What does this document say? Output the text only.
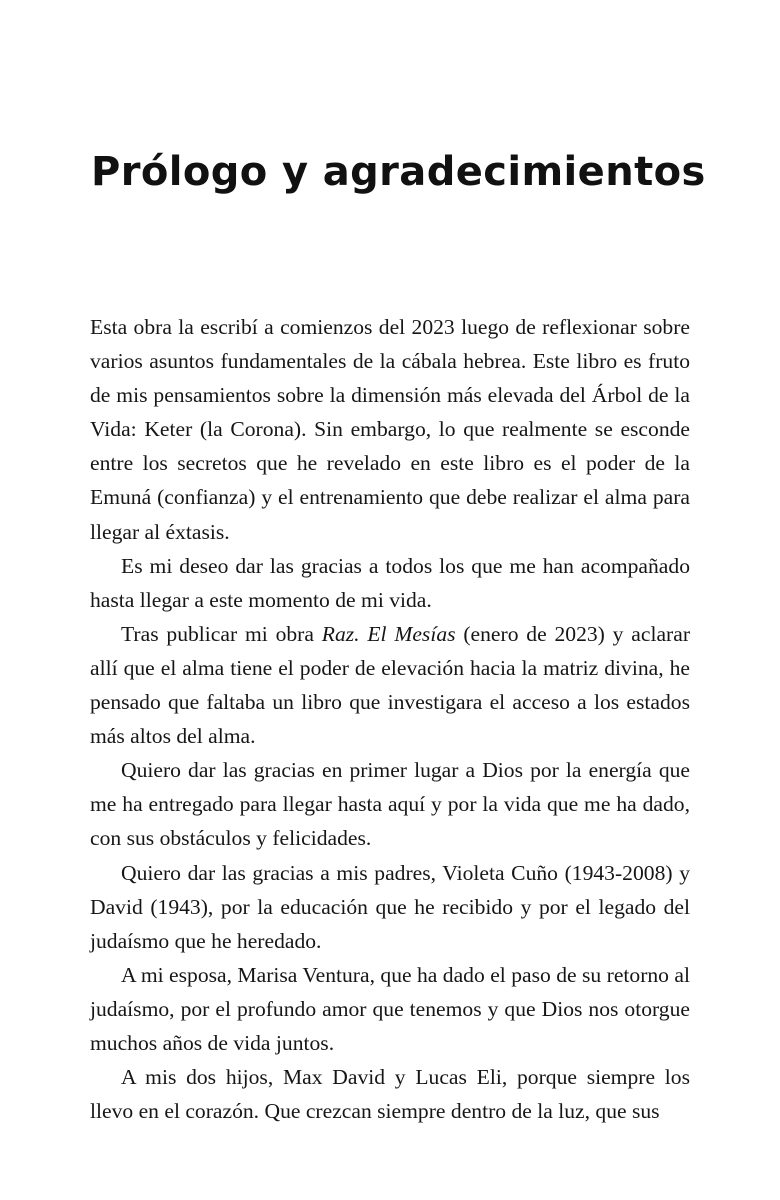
Prólogo y agradecimientos

Esta obra la escribí a comienzos del 2023 luego de reflexionar sobre varios asuntos fundamentales de la cábala hebrea. Este libro es fruto de mis pensamientos sobre la dimensión más elevada del Árbol de la Vida: Keter (la Corona). Sin embargo, lo que realmente se esconde entre los secretos que he revelado en este libro es el poder de la Emuná (confianza) y el entrenamiento que debe realizar el alma para llegar al éxtasis.

Es mi deseo dar las gracias a todos los que me han acompañado hasta llegar a este momento de mi vida.

Tras publicar mi obra Raz. El Mesías (enero de 2023) y aclarar allí que el alma tiene el poder de elevación hacia la matriz divina, he pensado que faltaba un libro que investigara el acceso a los estados más altos del alma.

Quiero dar las gracias en primer lugar a Dios por la energía que me ha entregado para llegar hasta aquí y por la vida que me ha dado, con sus obstáculos y felicidades.

Quiero dar las gracias a mis padres, Violeta Cuño (1943-2008) y David (1943), por la educación que he recibido y por el legado del judaísmo que he heredado.

A mi esposa, Marisa Ventura, que ha dado el paso de su retorno al judaísmo, por el profundo amor que tenemos y que Dios nos otorgue muchos años de vida juntos.

A mis dos hijos, Max David y Lucas Eli, porque siempre los llevo en el corazón. Que crezcan siempre dentro de la luz, que sus
